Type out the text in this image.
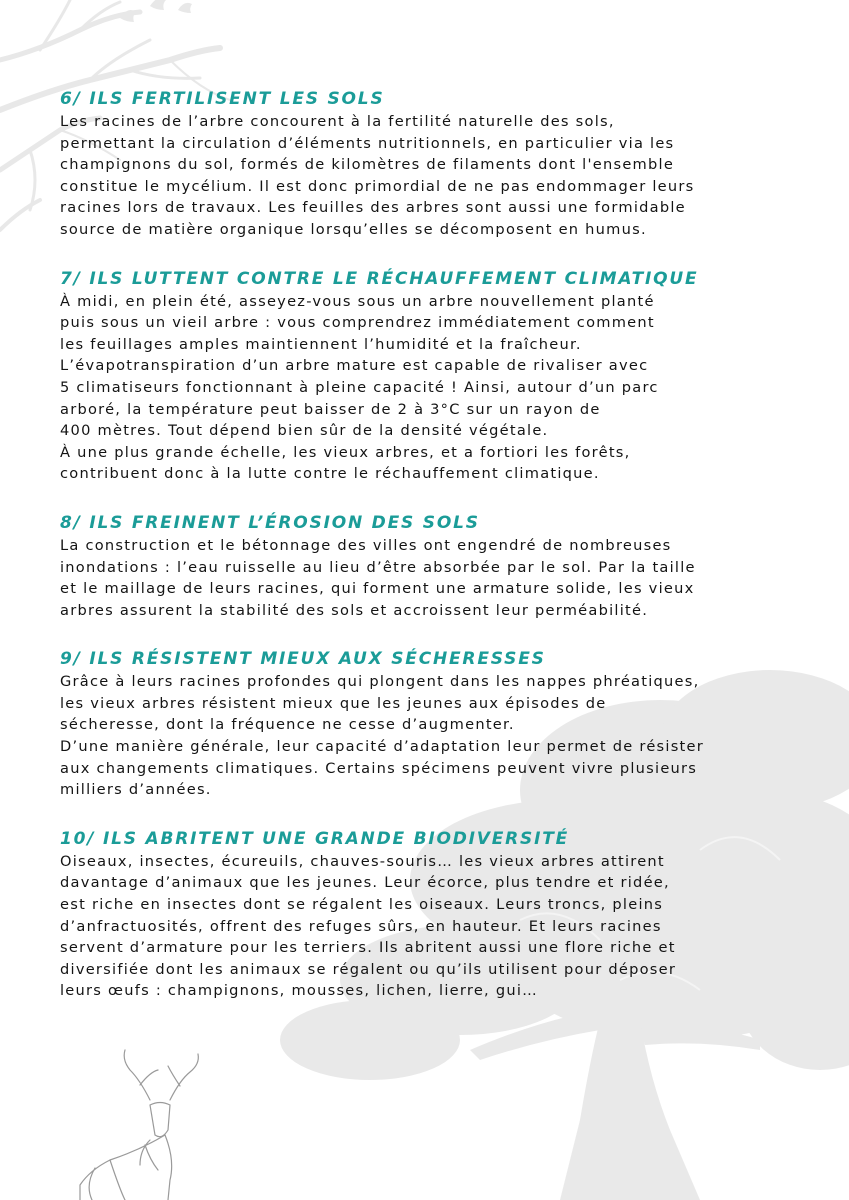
6/ ILS FERTILISENT LES SOLS

Les racines de l’arbre concourent à la fertilité naturelle des sols,
permettant la circulation d’éléments nutritionnels, en particulier via les
champignons du sol, formés de kilomètres de filaments dont l'ensemble
constitue le mycélium. Il est donc primordial de ne pas endommager leurs
racines lors de travaux. Les feuilles des arbres sont aussi une formidable
source de matière organique lorsqu’elles se décomposent en humus.

7/ ILS LUTTENT CONTRE LE RÉCHAUFFEMENT CLIMATIQUE

À midi, en plein été, asseyez-vous sous un arbre nouvellement planté
puis sous un vieil arbre : vous comprendrez immédiatement comment
les feuillages amples maintiennent l’humidité et la fraîcheur.
L’évapotranspiration d’un arbre mature est capable de rivaliser avec
5 climatiseurs fonctionnant à pleine capacité ! Ainsi, autour d’un parc
arboré, la température peut baisser de 2 à 3°C sur un rayon de
400 mètres. Tout dépend bien sûr de la densité végétale.
À une plus grande échelle, les vieux arbres, et a fortiori les forêts,
contribuent donc à la lutte contre le réchauffement climatique.

8/ ILS FREINENT L’ÉROSION DES SOLS

La construction et le bétonnage des villes ont engendré de nombreuses
inondations : l’eau ruisselle au lieu d’être absorbée par le sol. Par la taille
et le maillage de leurs racines, qui forment une armature solide, les vieux
arbres assurent la stabilité des sols et accroissent leur perméabilité.

9/ ILS RÉSISTENT MIEUX AUX SÉCHERESSES

Grâce à leurs racines profondes qui plongent dans les nappes phréatiques,
les vieux arbres résistent mieux que les jeunes aux épisodes de
sécheresse, dont la fréquence ne cesse d’augmenter.
D’une manière générale, leur capacité d’adaptation leur permet de résister
aux changements climatiques. Certains spécimens peuvent vivre plusieurs
milliers d’années.

10/ ILS ABRITENT UNE GRANDE BIODIVERSITÉ

Oiseaux, insectes, écureuils, chauves-souris… les vieux arbres attirent
davantage d’animaux que les jeunes. Leur écorce, plus tendre et ridée,
est riche en insectes dont se régalent les oiseaux. Leurs troncs, pleins
d’anfractuosités, offrent des refuges sûrs, en hauteur. Et leurs racines
servent d’armature pour les terriers. Ils abritent aussi une flore riche et
diversifiée dont les animaux se régalent ou qu’ils utilisent pour déposer
leurs œufs : champignons, mousses, lichen, lierre, gui…
